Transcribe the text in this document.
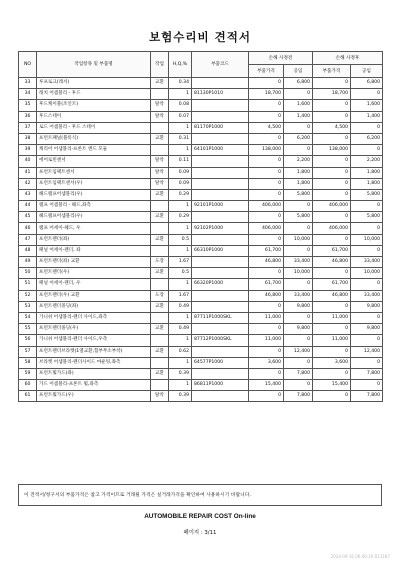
보험수리비 견적서
NO	작업항목 및 부품명	작업	H,Q,%	부품코드	손해 사정전		손해 사정후	
					부품가격	공임	부품가격	공임
33	루프로크(레서)	교환	0.34		0	6,800	0	6,800
34	래치 어셈블리 - 후드		1	81130P1010	18,700	0	18,700	0
35	후드케이블(조인트)	탈착	0.08		0	1,600	0	1,600
36	후드스테이	탈착	0.07		0	1,400	0	1,400
37	로드 어셈블리 - 후드 스테이		1	81170P1000	4,500	0	4,500	0
38	프런트패널(블록식)	교환	0.31		0	6,200	0	6,200
39	캐리어 어셈블리-프론트 엔드 모듈		1	64101P1000	138,000	0	138,000	0
40	에어로빈센서	탈착	0.11		0	2,200	0	2,200
41	프런트임팩트센서	탈착	0.09		0	1,800	0	1,800
42	프런트임팩트센서(우)	탈착	0.09		0	1,800	0	1,800
43	헤드램프어셈블리(우)	교환	0.29		0	5,800	0	5,800
44	램프 어셈블리 - 헤드,좌측		1	92101P1000	406,000	0	406,000	0
45	헤드램프어셈블리(우)	교환	0.29		0	5,800	0	5,800
46	램프 어세이-헤드, 우		1	92102P1000	406,000	0	406,000	0
47	프런트펜더(좌)	교환	0.5		0	10,000	0	10,000
48	패널 어세이-펜더, 좌		1	66310P1000	61,700	0	61,700	0
49	프런트펜더(좌) 교환	도장	1.67		46,800	33,400	46,800	33,400
50	프런트펜더(우)	교환	0.5		0	10,000	0	10,000
51	패널 어세이-펜더, 우		1	66320P1000	61,700	0	61,700	0
52	프런트펜더(우) 교환	도장	1.67		46,800	33,400	46,800	33,400
53	프런트펜더몰딩(좌)	교환	0.49		0	9,800	0	9,800
54	가니쉬 어셈블리-펜더 사이드,좌측		1	87711P1000SKL	11,000	0	11,000	0
55	프런트펜더몰딩(우)	교환	0.49		0	9,800	0	9,800
56	가니쉬 어셈블리-펜더 사이드,우측		1	87712P1000SKL	11,000	0	11,000	0
57	프런트펜더브라켓(1열교환,힘부무소부착)	교환	0.62		0	12,400	0	12,400
58	브라켓 어셈블리-펜더사이드 마운팅,좌측		1	64577P1000	3,600	0	3,600	0
59	프런트휠가드(좌)	교환	0.39		0	7,800	0	7,800
60	가드 어셈블리-프론트 휠,좌측		1	86811P1000	15,400	0	15,400	0
61	프런트휠가드(우)	탈착	0.39		0	7,800	0	7,800
이 견적서/청구서의 부품가격은 참고 가격이므로 거래될 가격은 실거래가격을 확인하여 사용하시기 바랍니다.
AUTOMOBILE REPAIR COST On-line
페이지 : 3/11
2024-09-16 06:46:16 R11187
